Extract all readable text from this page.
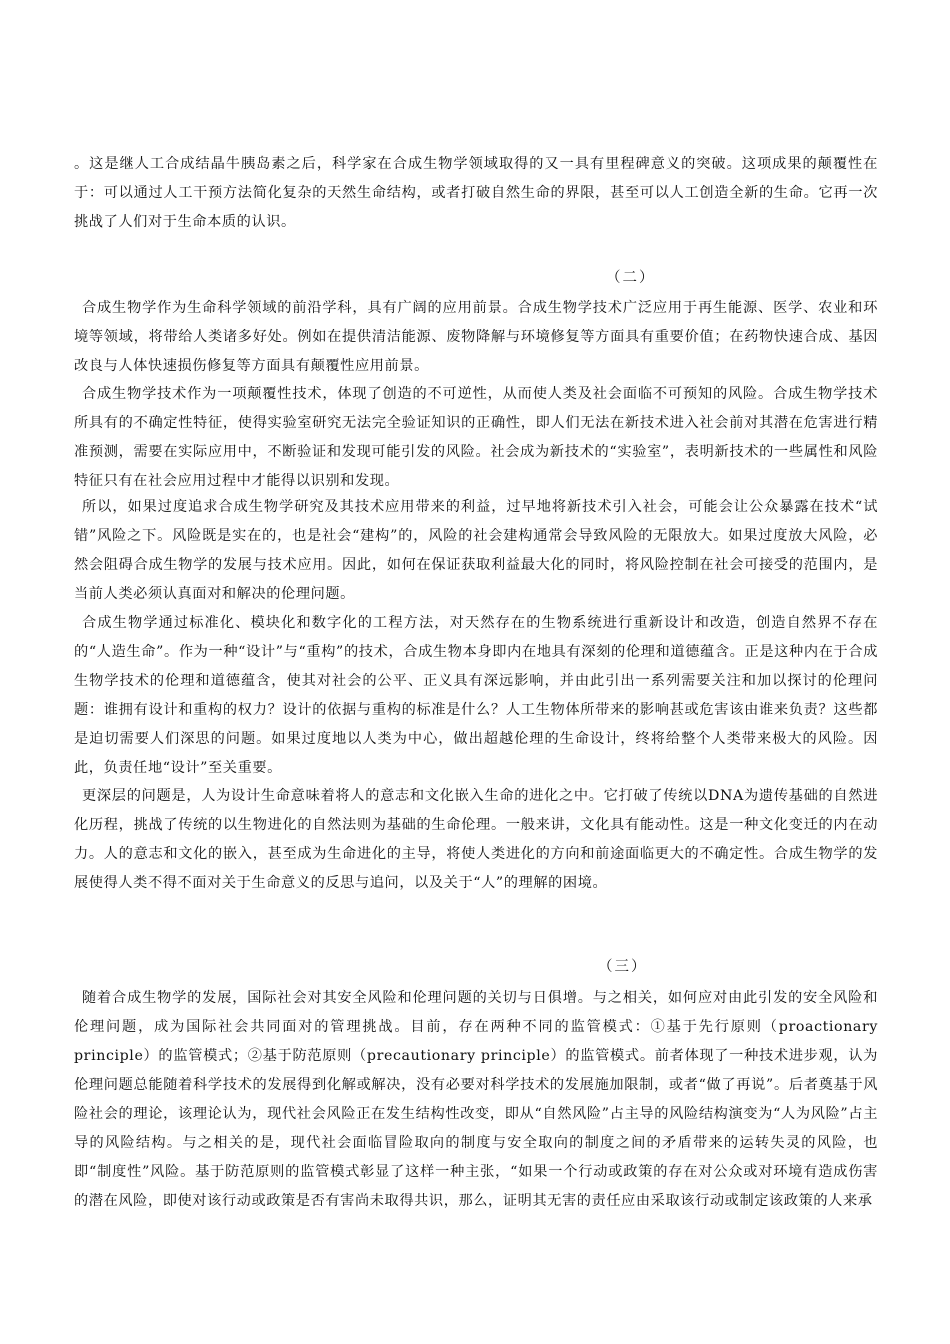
。这是继人工合成结晶牛胰岛素之后，科学家在合成生物学领域取得的又一具有里程碑意义的突破。这项成果的颠覆性在于：可以通过人工干预方法简化复杂的天然生命结构，或者打破自然生命的界限，甚至可以人工创造全新的生命。它再一次挑战了人们对于生命本质的认识。

（二）

合成生物学作为生命科学领域的前沿学科，具有广阔的应用前景。合成生物学技术广泛应用于再生能源、医学、农业和环境等领域，将带给人类诸多好处。例如在提供清洁能源、废物降解与环境修复等方面具有重要价值；在药物快速合成、基因改良与人体快速损伤修复等方面具有颠覆性应用前景。

合成生物学技术作为一项颠覆性技术，体现了创造的不可逆性，从而使人类及社会面临不可预知的风险。合成生物学技术所具有的不确定性特征，使得实验室研究无法完全验证知识的正确性，即人们无法在新技术进入社会前对其潜在危害进行精准预测，需要在实际应用中，不断验证和发现可能引发的风险。社会成为新技术的“实验室”，表明新技术的一些属性和风险特征只有在社会应用过程中才能得以识别和发现。

所以，如果过度追求合成生物学研究及其技术应用带来的利益，过早地将新技术引入社会，可能会让公众暴露在技术“试错”风险之下。风险既是实在的，也是社会“建构”的，风险的社会建构通常会导致风险的无限放大。如果过度放大风险，必然会阻碍合成生物学的发展与技术应用。因此，如何在保证获取利益最大化的同时，将风险控制在社会可接受的范围内，是当前人类必须认真面对和解决的伦理问题。

合成生物学通过标准化、模块化和数字化的工程方法，对天然存在的生物系统进行重新设计和改造，创造自然界不存在的“人造生命”。作为一种“设计”与“重构”的技术，合成生物本身即内在地具有深刻的伦理和道德蕴含。正是这种内在于合成生物学技术的伦理和道德蕴含，使其对社会的公平、正义具有深远影响，并由此引出一系列需要关注和加以探讨的伦理问题：谁拥有设计和重构的权力？设计的依据与重构的标准是什么？人工生物体所带来的影响甚或危害该由谁来负责？这些都是迫切需要人们深思的问题。如果过度地以人类为中心，做出超越伦理的生命设计，终将给整个人类带来极大的风险。因此，负责任地“设计”至关重要。

更深层的问题是，人为设计生命意味着将人的意志和文化嵌入生命的进化之中。它打破了传统以DNA为遗传基础的自然进化历程，挑战了传统的以生物进化的自然法则为基础的生命伦理。一般来讲，文化具有能动性。这是一种文化变迁的内在动力。人的意志和文化的嵌入，甚至成为生命进化的主导，将使人类进化的方向和前途面临更大的不确定性。合成生物学的发展使得人类不得不面对关于生命意义的反思与追问，以及关于“人”的理解的困境。

（三）

随着合成生物学的发展，国际社会对其安全风险和伦理问题的关切与日俱增。与之相关，如何应对由此引发的安全风险和伦理问题，成为国际社会共同面对的管理挑战。目前，存在两种不同的监管模式：①基于先行原则（proactionary principle）的监管模式；②基于防范原则（precautionary principle）的监管模式。前者体现了一种技术进步观，认为伦理问题总能随着科学技术的发展得到化解或解决，没有必要对科学技术的发展施加限制，或者“做了再说”。后者奠基于风险社会的理论，该理论认为，现代社会风险正在发生结构性改变，即从“自然风险”占主导的风险结构演变为“人为风险”占主导的风险结构。与之相关的是，现代社会面临冒险取向的制度与安全取向的制度之间的矛盾带来的运转失灵的风险，也即“制度性”风险。基于防范原则的监管模式彰显了这样一种主张，“如果一个行动或政策的存在对公众或对环境有造成伤害的潜在风险，即使对该行动或政策是否有害尚未取得共识，那么，证明其无害的责任应由采取该行动或制定该政策的人来承
